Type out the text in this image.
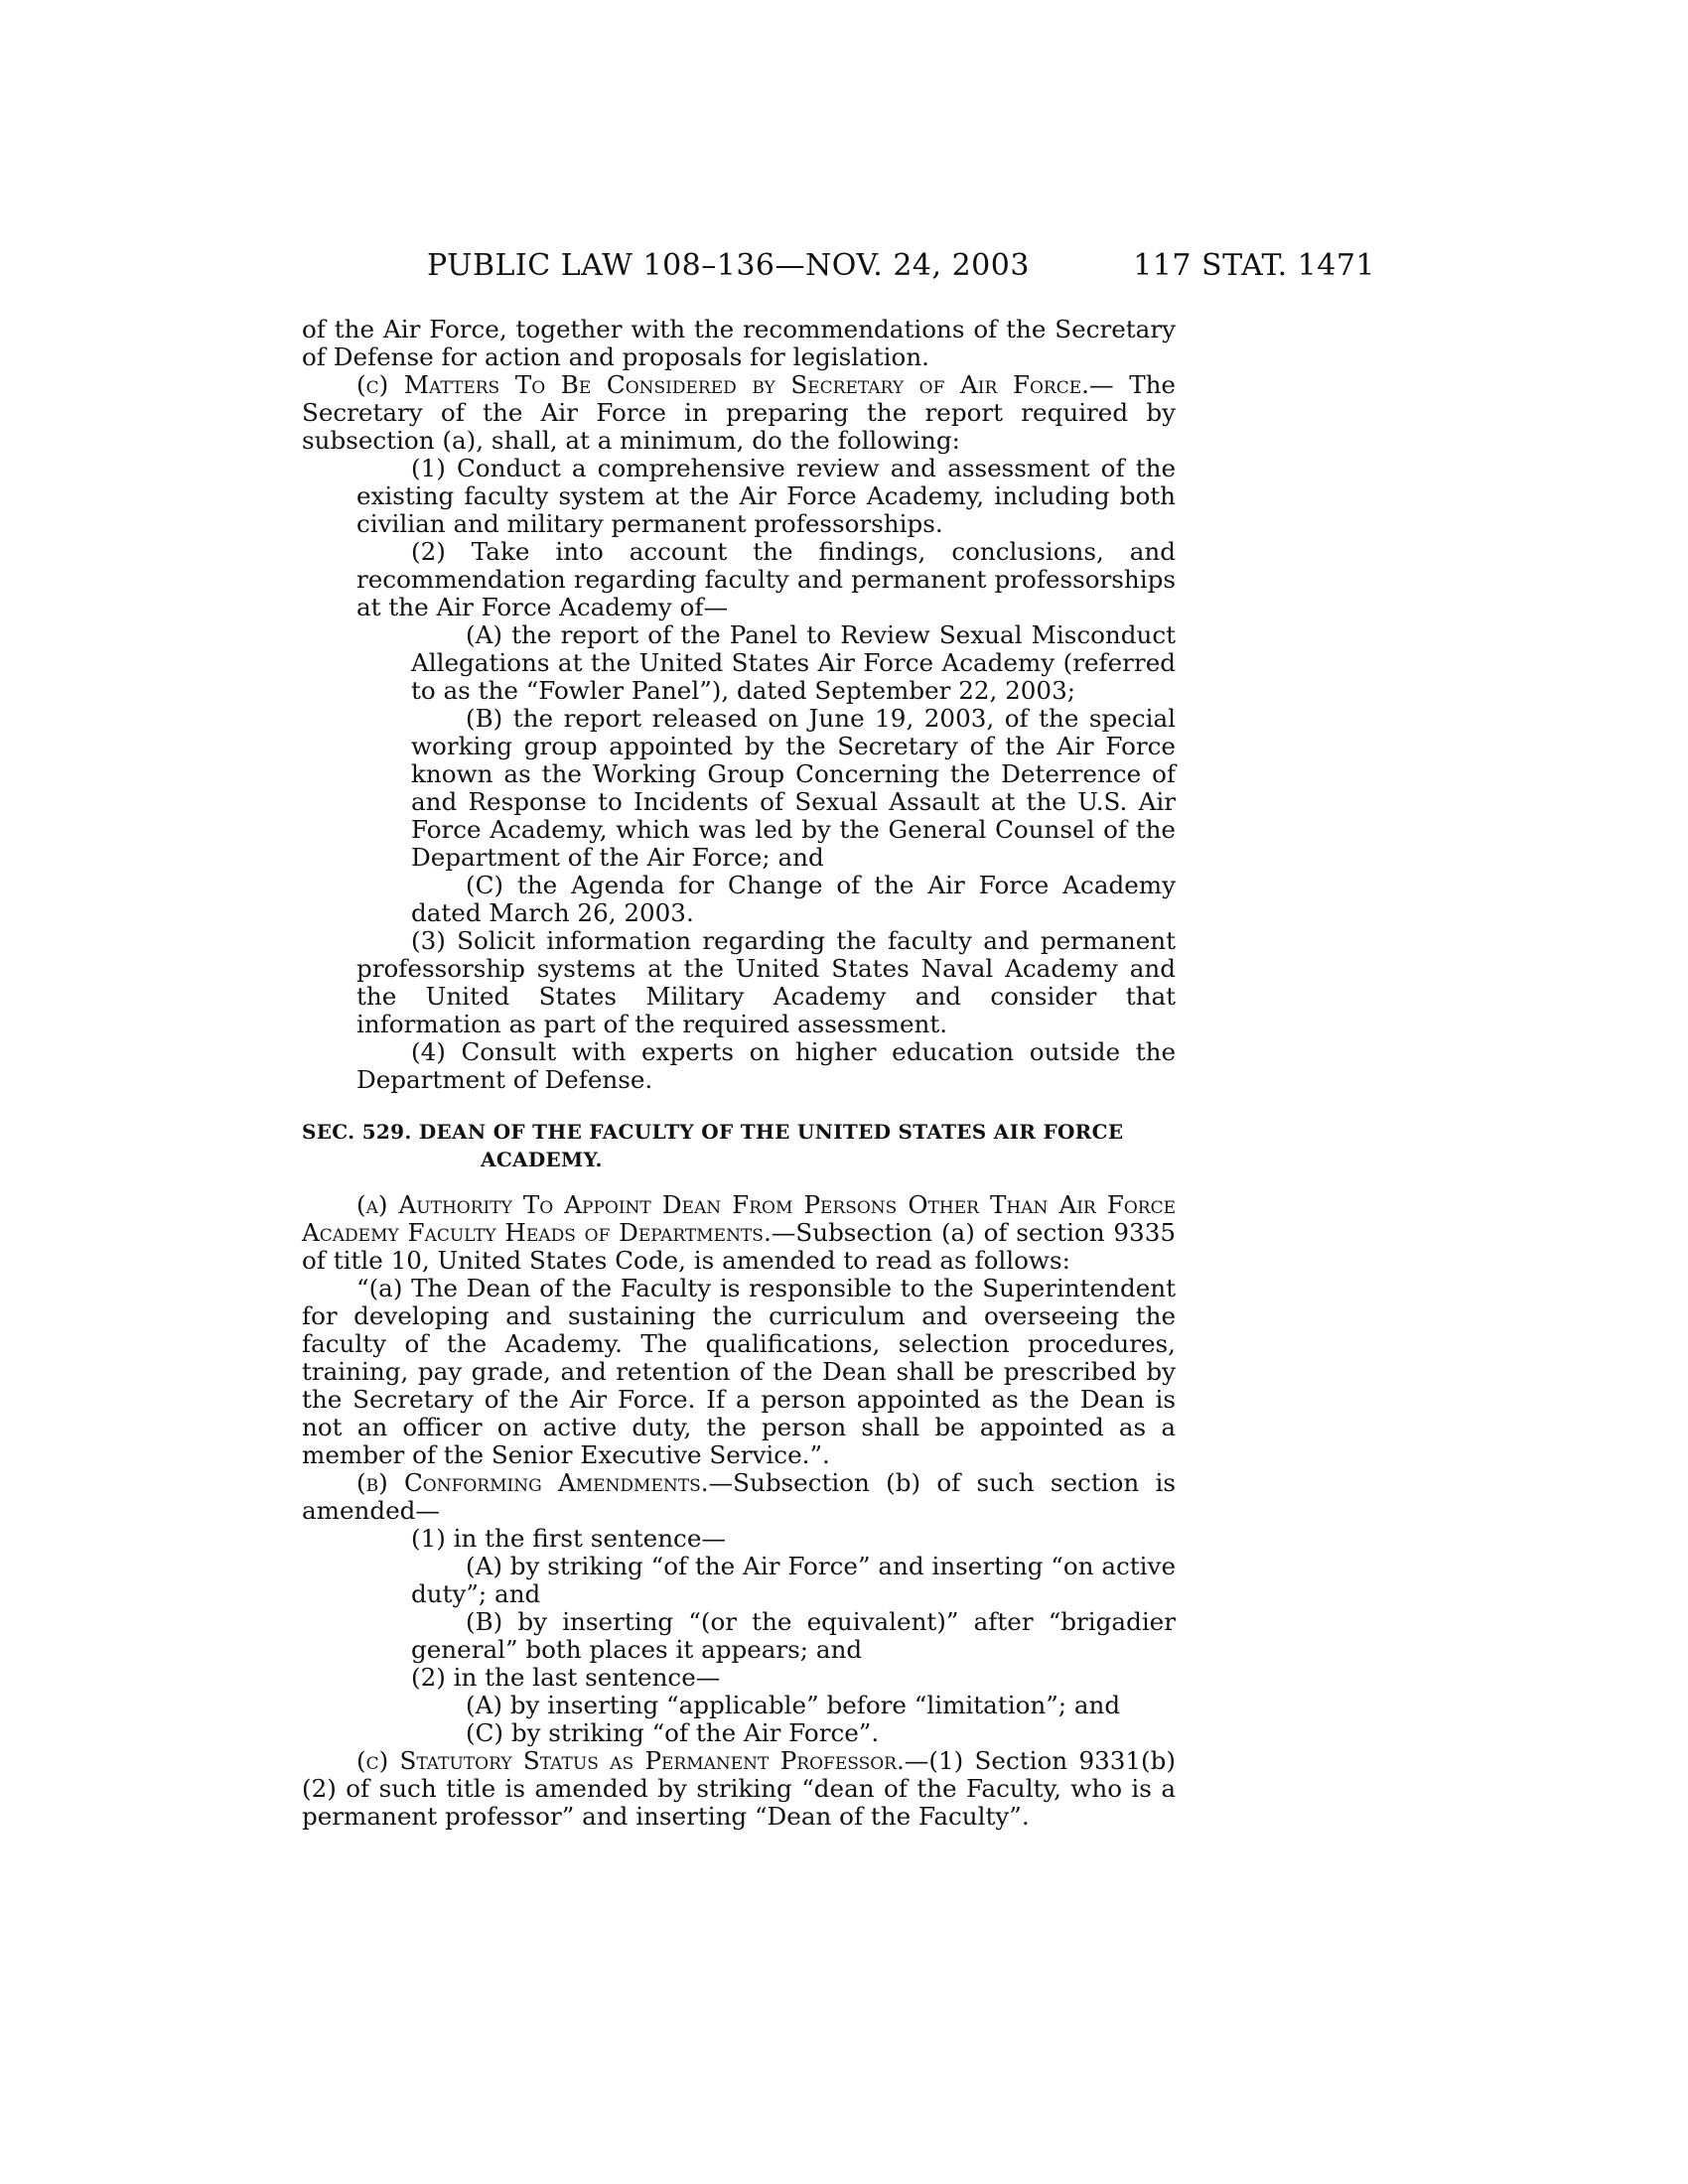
PUBLIC LAW 108–136—NOV. 24, 2003	117 STAT. 1471

of the Air Force, together with the recommendations of the Secretary of Defense for action and proposals for legislation.

(c) Matters To Be Considered by Secretary of Air Force.— The Secretary of the Air Force in preparing the report required by subsection (a), shall, at a minimum, do the following:

(1) Conduct a comprehensive review and assessment of the existing faculty system at the Air Force Academy, including both civilian and military permanent professorships.

(2) Take into account the findings, conclusions, and recommendation regarding faculty and permanent professorships at the Air Force Academy of—

(A) the report of the Panel to Review Sexual Misconduct Allegations at the United States Air Force Academy (referred to as the “Fowler Panel”), dated September 22, 2003;

(B) the report released on June 19, 2003, of the special working group appointed by the Secretary of the Air Force known as the Working Group Concerning the Deterrence of and Response to Incidents of Sexual Assault at the U.S. Air Force Academy, which was led by the General Counsel of the Department of the Air Force; and

(C) the Agenda for Change of the Air Force Academy dated March 26, 2003.

(3) Solicit information regarding the faculty and permanent professorship systems at the United States Naval Academy and the United States Military Academy and consider that information as part of the required assessment.

(4) Consult with experts on higher education outside the Department of Defense.

SEC. 529. DEAN OF THE FACULTY OF THE UNITED STATES AIR FORCE
ACADEMY.

(a) Authority To Appoint Dean From Persons Other Than Air Force Academy Faculty Heads of Departments.—Subsection (a) of section 9335 of title 10, United States Code, is amended to read as follows:

“(a) The Dean of the Faculty is responsible to the Superintendent for developing and sustaining the curriculum and overseeing the faculty of the Academy. The qualifications, selection procedures, training, pay grade, and retention of the Dean shall be prescribed by the Secretary of the Air Force. If a person appointed as the Dean is not an officer on active duty, the person shall be appointed as a member of the Senior Executive Service.”.

(b) Conforming Amendments.—Subsection (b) of such section is amended—

(1) in the first sentence—

(A) by striking “of the Air Force” and inserting “on active duty”; and

(B) by inserting “(or the equivalent)” after “brigadier general” both places it appears; and

(2) in the last sentence—

(A) by inserting “applicable” before “limitation”; and

(C) by striking “of the Air Force”.

(c) Statutory Status as Permanent Professor.—(1) Section 9331(b)(2) of such title is amended by striking “dean of the Faculty, who is a permanent professor” and inserting “Dean of the Faculty”.
